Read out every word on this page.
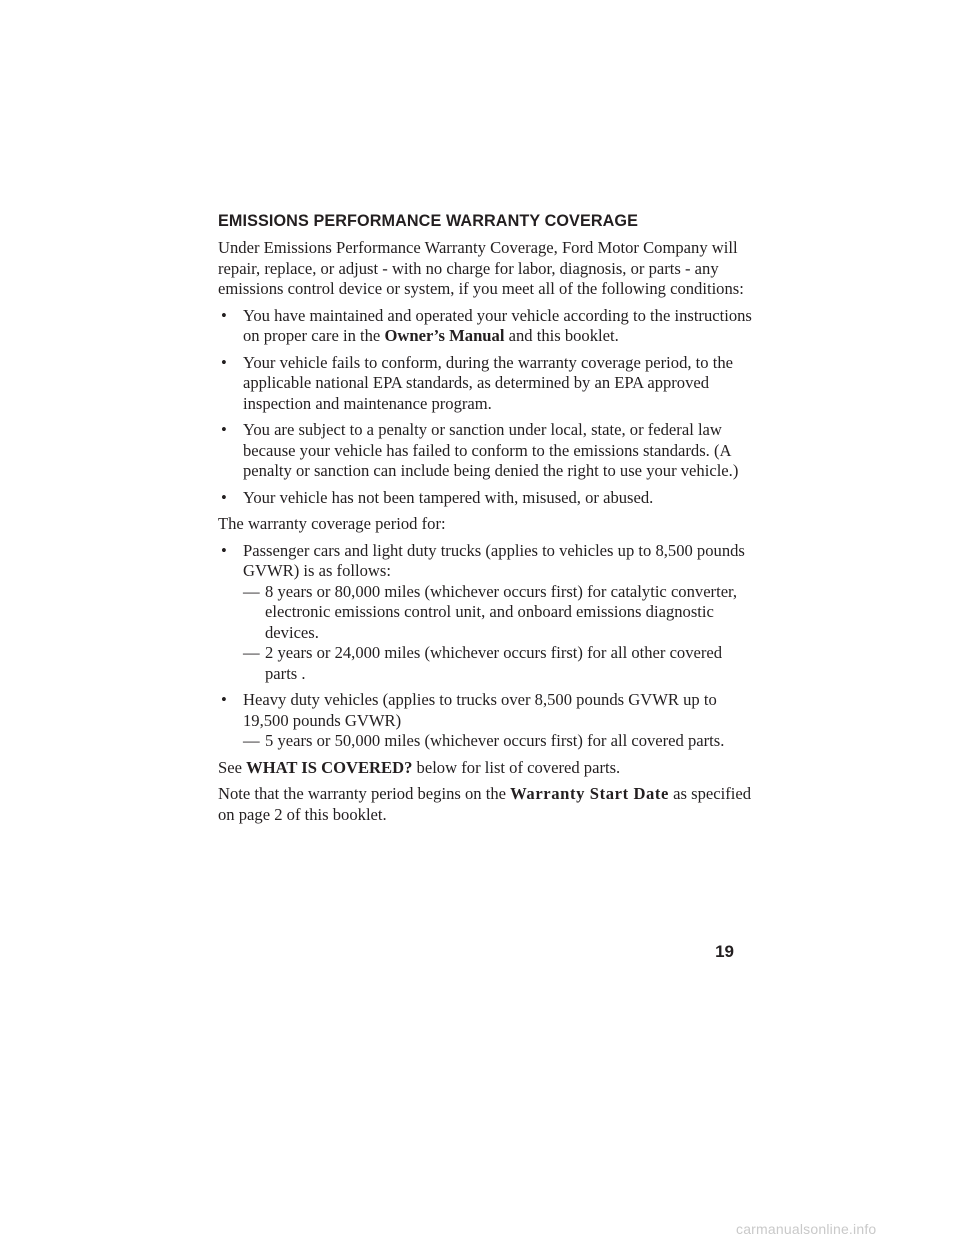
EMISSIONS PERFORMANCE WARRANTY COVERAGE
Under Emissions Performance Warranty Coverage, Ford Motor Company will repair, replace, or adjust - with no charge for labor, diagnosis, or parts - any emissions control device or system, if you meet all of the following conditions:
• You have maintained and operated your vehicle according to the instructions on proper care in the Owner’s Manual and this booklet.
• Your vehicle fails to conform, during the warranty coverage period, to the applicable national EPA standards, as determined by an EPA approved inspection and maintenance program.
• You are subject to a penalty or sanction under local, state, or federal law because your vehicle has failed to conform to the emissions standards. (A penalty or sanction can include being denied the right to use your vehicle.)
• Your vehicle has not been tampered with, misused, or abused.
The warranty coverage period for:
• Passenger cars and light duty trucks (applies to vehicles up to 8,500 pounds GVWR) is as follows:
— 8 years or 80,000 miles (whichever occurs first) for catalytic converter, electronic emissions control unit, and onboard emissions diagnostic devices.
— 2 years or 24,000 miles (whichever occurs first) for all other covered parts .
• Heavy duty vehicles (applies to trucks over 8,500 pounds GVWR up to 19,500 pounds GVWR)
— 5 years or 50,000 miles (whichever occurs first) for all covered parts.
See WHAT IS COVERED? below for list of covered parts.
Note that the warranty period begins on the Warranty Start Date as specified on page 2 of this booklet.
19
carmanualsonline.info
